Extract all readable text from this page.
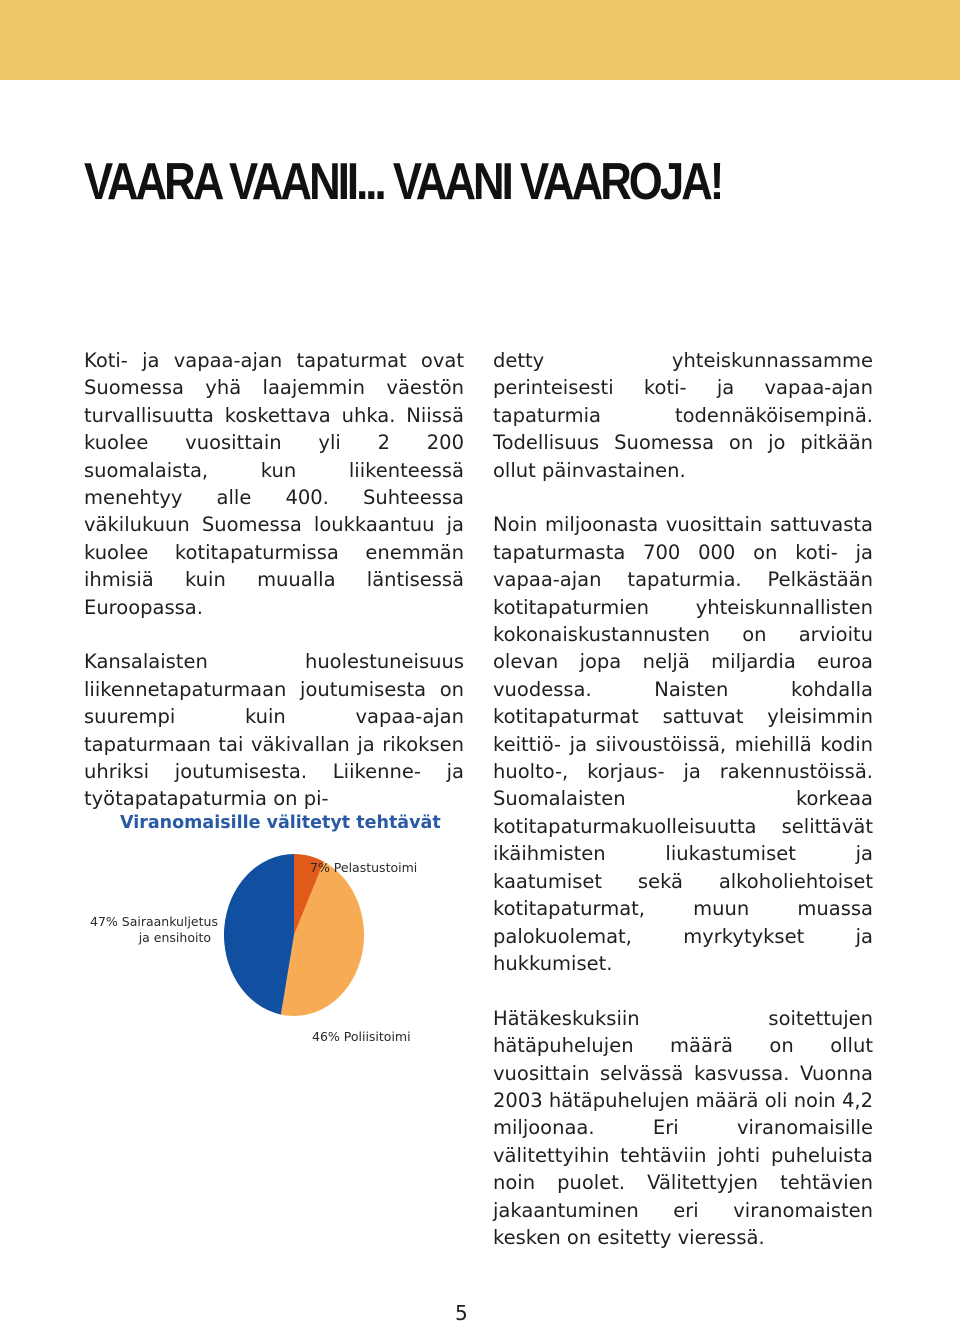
VAARA VAANII... VAANI VAAROJA!

Koti- ja vapaa-ajan tapaturmat ovat Suomessa yhä laajemmin väestön turvallisuutta koskettava uhka. Niissä kuolee vuosittain yli 2 200 suomalaista, kun liikenteessä menehtyy alle 400. Suhteessa väkilukuun Suomessa loukkaantuu ja kuolee kotitapaturmissa enemmän ihmisiä kuin muualla läntisessä Euroopassa.

Kansalaisten huolestuneisuus liikennetapaturmaan joutumisesta on suurempi kuin vapaa-ajan tapaturmaan tai väkivallan ja rikoksen uhriksi joutumisesta. Liikenne- ja työtapatapaturmia on pi-

detty yhteiskunnassamme perinteisesti koti- ja vapaa-ajan tapaturmia todennäköisempinä. Todellisuus Suomessa on jo pitkään ollut päinvastainen.

Noin miljoonasta vuosittain sattuvasta tapaturmasta 700 000 on koti- ja vapaa-ajan tapaturmia. Pelkästään kotitapaturmien yhteiskunnallisten kokonaiskustannusten on arvioitu olevan jopa neljä miljardia euroa vuodessa. Naisten kohdalla kotitapaturmat sattuvat yleisimmin keittiö- ja siivoustöissä, miehillä kodin huolto-, korjaus- ja rakennustöissä. Suomalaisten korkeaa kotitapaturmakuolleisuutta selittävät ikäihmisten liukastumiset ja kaatumiset sekä alkoholiehtoiset kotitapaturmat, muun muassa palokuolemat, myrkytykset ja hukkumiset.

Hätäkeskuksiin soitettujen hätäpuhelujen määrä on ollut vuosittain selvässä kasvussa. Vuonna 2003 hätäpuhelujen määrä oli noin 4,2 miljoonaa. Eri viranomaisille välitettyihin tehtäviin johti puheluista noin puolet. Välitettyjen tehtävien jakaantuminen eri viranomaisten kesken on esitetty vieressä.

Viranomaisille välitetyt tehtävät
7% Pelastustoimi
47% Sairaankuljetus
ja ensihoito
46% Poliisitoimi
5
